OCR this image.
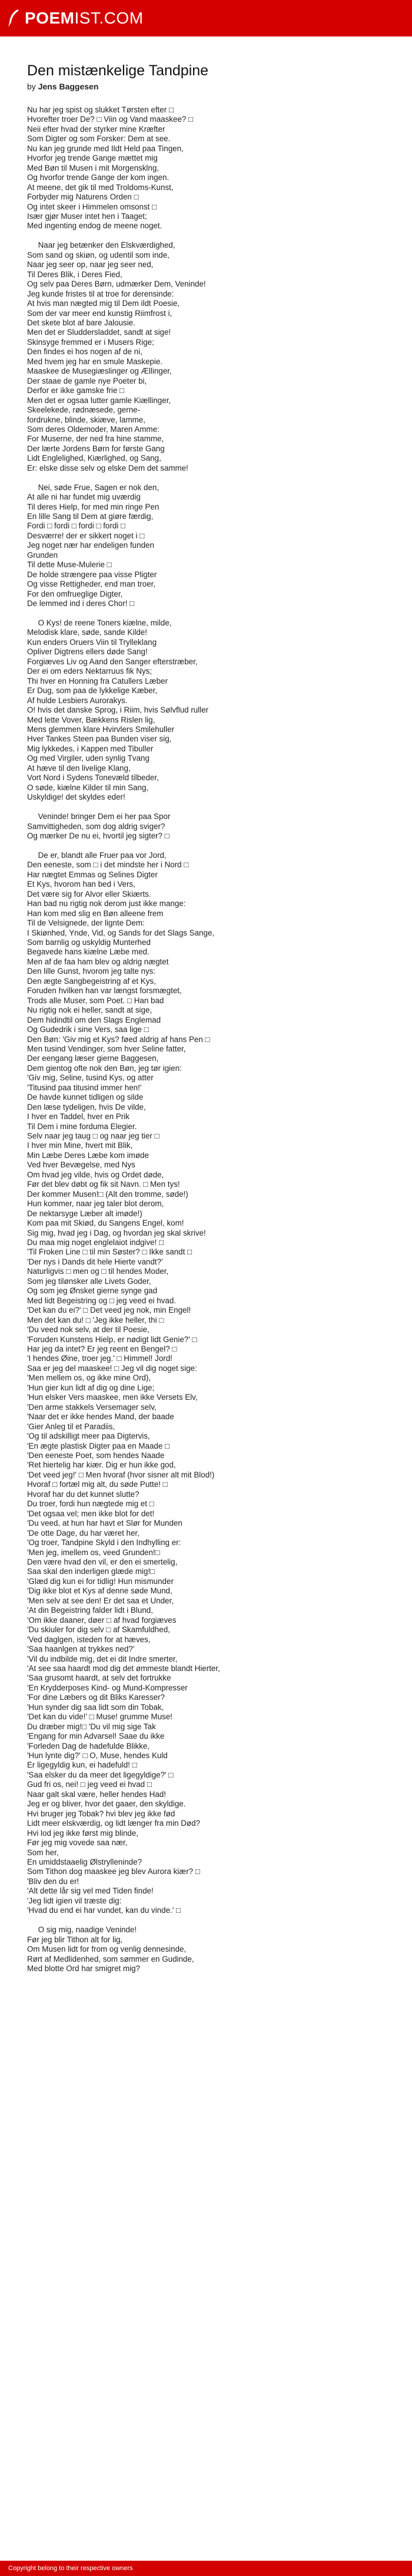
POEM IST.COM
Den mistænkelige Tandpine
by Jens Baggesen
Nu har jeg spist og slukket Tørsten efter □
Hvorefter troer De? □ Viin og Vand maaskee? □
Neii efter hvad der styrker mine Kræfter
Som Digter og som Forsker: Dem at see.
Nu kan jeg grunde med Ildt Held paa Tingen,
Hvorfor jeg trende Gange mættet mig
Med Bøn til Musen i mit Morgensklng,
Og hvorfor trende Gange der kom ingen.
At meene, det gik til med Troldoms-Kunst,
Forbyder mig Naturens Orden □
Og intet skeer i Himmelen omsonst □
Især gjør Muser intet hen i Taaget;
Med ingenting endog de meene noget.

Naar jeg betænker den Elskværdighed,
Som sand og skiøn, og udentil som inde,
Naar jeg seer op, naar jeg seer ned,
Til Deres Blik, i Deres Fied,
Og selv paa Deres Børn, udmærker Dem, Veninde!
Jeg kunde fristes til at troe for derensinde:
At hvis man nægted mig til Dem ildt Poesie,
Som der var meer end kunstig Riimfrost i,
Det skete blot af bare Jalousie.
Men det er Sluddersladdet, sandt at sige!
Skinsyge fremmed er i Musers Rige;
Den findes ei hos nogen af de ni,
Med hvem jeg har en smule Maskepie.
Maaskee de Musegiæslinger og Ællinger,
Der staae de gamle nye Poeter bi,
Derfor er ikke gamske frie □
Men det er ogsaa lutter gamle Kiællinger,
Skeelekede, rødnæsede, gerne-
fordrukne, blinde, skiæve, lamme,
Som deres Oldemoder, Maren Amme:
For Muserne, der ned fra hine stamme,
Der lærte Jordens Børn for første Gang
Lidt Englelighed, Kiærlighed, og Sang,
Er: elske disse selv og elske Dem det samme!

Nei, søde Frue, Sagen er nok den,
At alle ni har fundet mig uværdig
Til deres Hielp, for med min ringe Pen
En lille Sang til Dem at giøre færdig,
Fordi □ fordi □ fordi □ fordi □
Desværre! der er sikkert noget i □
Jeg noget nær har endeligen funden
Grunden
Til dette Muse-Mulerie □
De holde strængere paa visse Pligter
Og visse Rettigheder, end man troer,
For den omfrueglige Digter,
De lemmed ind i deres Chor! □

O Kys! de reene Toners kiælne, milde,
Melodisk klare, søde, sande Kilde!
Kun enders Oruers Viin til Trylleklang
Opliver Digtrens ellers døde Sang!
Forgiæves Liv og Aand den Sanger efterstræber,
Der ei om eders Nektarruus fik Nys;
Thi hver en Honning fra Catullers Læber
Er Dug, som paa de lykkelige Kæber,
Af hulde Lesbiers Aurorakys.
O! hvis det danske Sprog, i Riim, hvis Sølvflud ruller
Med lette Vover, Bækkens Rislen lig,
Mens glemmen klare Hvirvlers Smilehuller
Hver Tankes Steen paa Bunden viser sig,
Mig lykkedes, i Kappen med Tibuller
Og med Virgiler, uden synlig Tvang
At hæve til den livelige Klang,
Vort Nord i Sydens Tonevæld tilbeder,
O søde, kiælne Kilder til min Sang,
Uskyldige! det skyldes eder!

Veninde! bringer Dem ei her paa Spor
Samvittigheden, som dog aldrig sviger?
Og mærker De nu ei, hvortil jeg sigter? □

De er, blandt alle Fruer paa vor Jord,
Den eeneste, som □ i det mindste her i Nord □
Har nægtet Emmas og Selines Digter
Et Kys, hvorom han bed i Vers,
Det være sig for Alvor eller Skiærts.
Han bad nu rigtig nok derom just ikke mange:
Han kom med slig en Bøn alleene frem
Til de Velsignede, der lignte Dem:
I Skiønhed, Ynde, Vid, og Sands for det Slags Sange,
Som barnlig og uskyldig Munterhed
Begavede hans kiælne Læbe med.
Men af de faa ham blev og aldrig nægtet
Den lille Gunst, hvorom jeg talte nys:
Den ægte Sangbegeistring af et Kys,
Foruden hvilken han var længst forsmægtet,
Trods alle Muser, som Poet. □ Han bad
Nu rigtig nok ei heller, sandt at sige,
Dem hidindtil om den Slags Englemad
Og Gudedrik i sine Vers, saa lige □
Den Bøn: 'Giv mig et Kys? føed aldrig af hans Pen □
Men tusind Vendinger, som hver Seline fatter,
Der eengang læser gierne Baggesen,
Dem gientog ofte nok den Bøn, jeg tør igien:
'Giv mig, Seline, tusind Kys, og atter
'Titusind paa titusind immer hen!'
De havde kunnet tidligen og silde
Den læse tydeligen, hvis De vilde,
I hver en Taddel, hver en Prik
Til Dem i mine forduma Elegier.
Selv naar jeg taug □ og naar jeg tier □
I hver min Mine, hvert mit Blik,
Min Læbe Deres Læbe kom imøde
Ved hver Bevægelse, med Nys
Om hvad jeg vilde, hvis og Ordet døde,
Før det blev døbt og fik sit Navn. □ Men tys!
Der kommer Musen!□ (Alt den tromme, søde!)
Hun kommer, naar jeg taler blot derom,
De nektarsyge Læber alt imøde!)
Kom paa mit Skiød, du Sangens Engel, kom!
Sig mig, hvad jeg i Dag, og hvordan jeg skal skrive!
Du maa mig noget englelaiot indgive! □
'Til Froken Line □ til min Søster? □ Ikke sandt □
'Der nys i Dands dit hele Hierte vandt?'
Naturligvis □ men og □ til hendes Moder,
Som jeg tilønsker alle Livets Goder,
Og som jeg Ønsket gierne synge gad
Med lidt Begeistring og □ jeg veed ei hvad.
'Det kan du ei?' □ Det veed jeg nok, min Engel!
Men det kan du! □ 'Jeg ikke heller, thi □
'Du veed nok selv, at der til Poesie,
'Foruden Kunstens Hielp, er nødigt lidt Genie?' □
Har jeg da intet? Er jeg reent en Bengel? □
'I hendes Øine, troer jeg.' □ Himmel! Jord!
Saa er jeg del maaskee! □ Jeg vil dig noget sige:
'Men mellem os, og ikke mine Ord),
'Hun gier kun lidt af dig og dine Lige;
'Hun elsker Vers maaskee, men ikke Versets Elv,
'Den arme stakkels Versemager selv,
'Naar det er ikke hendes Mand, der baade
'Gier Anleg til et Paradiis,
'Og til adskilligt meer paa Digtervis,
'En ægte plastisk Digter paa en Maade □
'Den eeneste Poet, som hendes Naade
'Ret hiertelig har kiær. Dig er hun ikke god,
'Det veed jeg!' □ Men hvoraf (hvor sisner alt mit Blod!)
Hvoraf □ fortæl mig alt, du søde Putte! □
Hvoraf har du det kunnet slutte?
Du troer, fordi hun nægtede mig et □
'Det ogsaa vel; men ikke blot for det!
'Du veed, at hun har havt et Slør for Munden
'De otte Dage, du har været her,
'Og troer, Tandpine Skyld i den Indhylling er:
'Men jeg, imellem os, veed Grunden!□
Den være hvad den vil, er den ei smertelig,
Saa skal den inderligen glæde mig!□
'Glæd dig kun ei for tidlig! Hun mismunder
'Dig ikke blot et Kys af denne søde Mund,
'Men selv at see den! Er det saa et Under,
'At din Begeistring falder lidt i Blund,
'Om ikke daaner, døer □ af hvad forgiæves
'Du skiuler for dig selv □ af Skamfuldhed,
'Ved daglgen, isteden for at hæves,
'Saa haanlgen at trykkes ned?'
'Vil du indbilde mig, det ei dit Indre smerter,
'At see saa haardt mod dig det ømmeste blandt Hierter,
'Saa grusomt haardt, at selv det fortrukke
'En Krydderposes Kind- og Mund-Kompresser
'For dine Læbers og dit Bliks Karesser?
'Hun synder dig saa lidt som din Tobak,
'Det kan du vide!' □ Muse! grumme Muse!
Du dræber mig!□ 'Du vil mig sige Tak
'Engang for min Advarsel! Saae du ikke
'Forleden Dag de hadefulde Blikke,
'Hun lynte dig?' □ O, Muse, hendes Kuld
Er ligegyldig kun, ei hadefuld! □
'Saa elsker du da meer det ligegyldige?' □
Gud fri os, nei! □ jeg veed ei hvad □
Naar galt skal være, heller hendes Had!
Jeg er og bliver, hvor det gaaer, den skyldige.
Hvi bruger jeg Tobak? hvi blev jeg ikke fød
Lidt meer elskværdig, og lidt længer fra min Død?
Hvi lod jeg ikke først mig blinde,
Før jeg mig vovede saa nær,
Som her,
En umiddstaaelig Ølstrylleninde?
Som Tithon dog maaskee jeg blev Aurora kiær? □
'Bliv den du er!
'Alt dette lår sig vel med Tiden finde!
'Jeg lidt igien vil træste dig:
'Hvad du end ei har vundet, kan du vinde.' □

O sig mig, naadige Veninde!
Før jeg blir Tithon alt for lig,
Om Musen lidt for from og venlig dennesinde,
Rørt af Medlidenhed, som sømmer en Gudinde,
Med blotte Ord har smigret mig?
Copyright belong to their respective owners
